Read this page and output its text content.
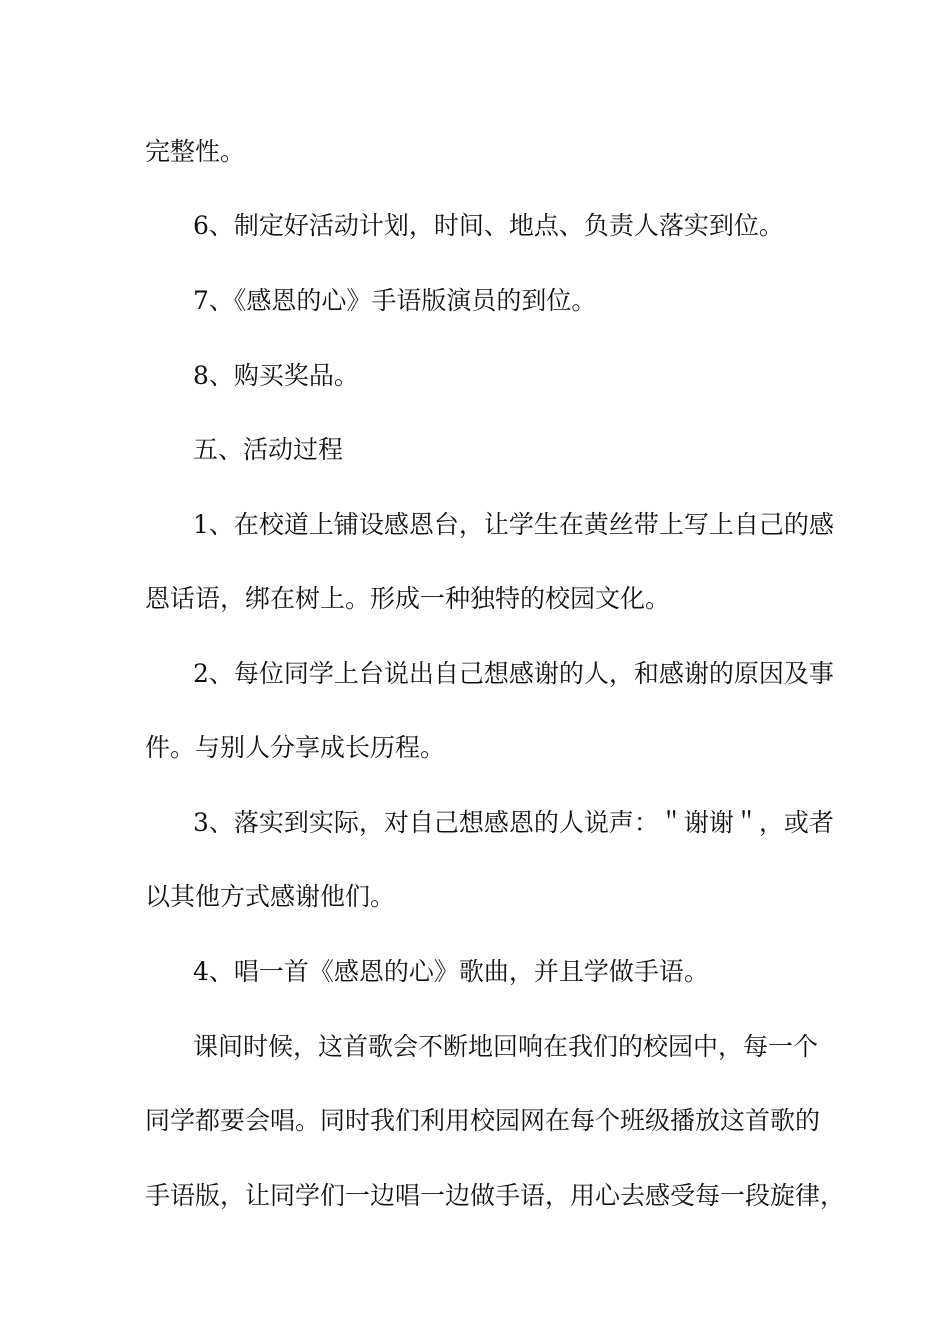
完整性。
6、制定好活动计划，时间、地点、负责人落实到位。
7、《感恩的心》手语版演员的到位。
8、购买奖品。
五、活动过程
1、在校道上铺设感恩台，让学生在黄丝带上写上自己的感
恩话语，绑在树上。形成一种独特的校园文化。
2、每位同学上台说出自己想感谢的人，和感谢的原因及事
件。与别人分享成长历程。
3、落实到实际，对自己想感恩的人说声：＂谢谢＂，或者
以其他方式感谢他们。
4、唱一首《感恩的心》歌曲，并且学做手语。
课间时候，这首歌会不断地回响在我们的校园中，每一个
同学都要会唱。同时我们利用校园网在每个班级播放这首歌的
手语版，让同学们一边唱一边做手语，用心去感受每一段旋律，
